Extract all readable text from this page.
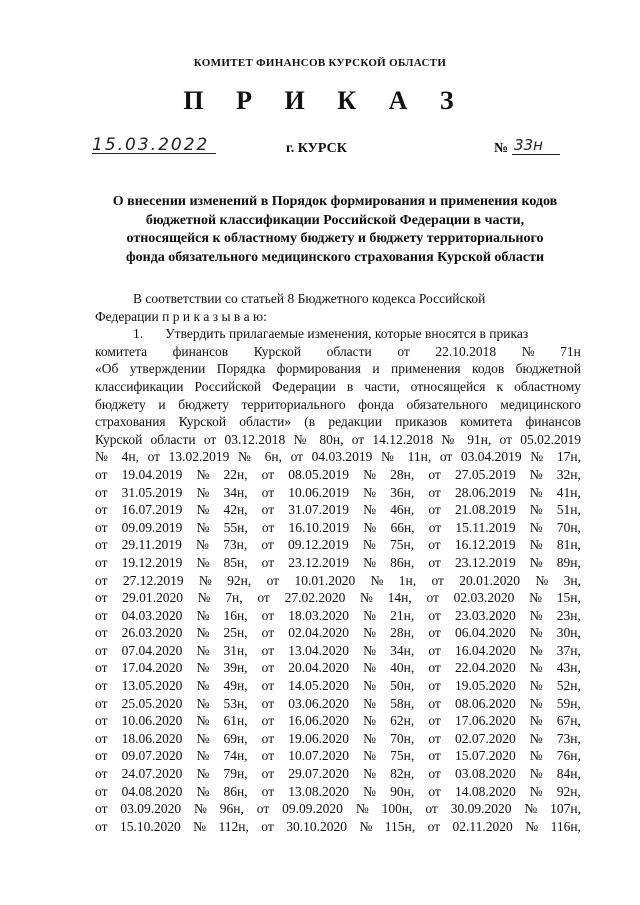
КОМИТЕТ ФИНАНСОВ КУРСКОЙ ОБЛАСТИ
П Р И К А З
15.03.2022	г. КУРСК	№ 33н
О внесении изменений в Порядок формирования и применения кодов
бюджетной классификации Российской Федерации в части,
относящейся к областному бюджету и бюджету территориального
фонда обязательного медицинского страхования Курской области
В соответствии со статьей 8 Бюджетного кодекса Российской
Федерации п р и к а з ы в а ю:
1. Утвердить прилагаемые изменения, которые вносятся в приказ
комитета финансов Курской области от 22.10.2018 № 71н
«Об утверждении Порядка формирования и применения кодов бюджетной
классификации Российской Федерации в части, относящейся к областному
бюджету и бюджету территориального фонда обязательного медицинского
страхования Курской области» (в редакции приказов комитета финансов
Курской области от 03.12.2018 № 80н, от 14.12.2018 № 91н, от 05.02.2019
№ 4н, от 13.02.2019 № 6н, от 04.03.2019 № 11н, от 03.04.2019 № 17н,
от 19.04.2019 № 22н, от 08.05.2019 № 28н, от 27.05.2019 № 32н,
от 31.05.2019 № 34н, от 10.06.2019 № 36н, от 28.06.2019 № 41н,
от 16.07.2019 № 42н, от 31.07.2019 № 46н, от 21.08.2019 № 51н,
от 09.09.2019 № 55н, от 16.10.2019 № 66н, от 15.11.2019 № 70н,
от 29.11.2019 № 73н, от 09.12.2019 № 75н, от 16.12.2019 № 81н,
от 19.12.2019 № 85н, от 23.12.2019 № 86н, от 23.12.2019 № 89н,
от 27.12.2019 № 92н, от 10.01.2020 № 1н, от 20.01.2020 № 3н,
от 29.01.2020 № 7н, от 27.02.2020 № 14н, от 02.03.2020 № 15н,
от 04.03.2020 № 16н, от 18.03.2020 № 21н, от 23.03.2020 № 23н,
от 26.03.2020 № 25н, от 02.04.2020 № 28н, от 06.04.2020 № 30н,
от 07.04.2020 № 31н, от 13.04.2020 № 34н, от 16.04.2020 № 37н,
от 17.04.2020 № 39н, от 20.04.2020 № 40н, от 22.04.2020 № 43н,
от 13.05.2020 № 49н, от 14.05.2020 № 50н, от 19.05.2020 № 52н,
от 25.05.2020 № 53н, от 03.06.2020 № 58н, от 08.06.2020 № 59н,
от 10.06.2020 № 61н, от 16.06.2020 № 62н, от 17.06.2020 № 67н,
от 18.06.2020 № 69н, от 19.06.2020 № 70н, от 02.07.2020 № 73н,
от 09.07.2020 № 74н, от 10.07.2020 № 75н, от 15.07.2020 № 76н,
от 24.07.2020 № 79н, от 29.07.2020 № 82н, от 03.08.2020 № 84н,
от 04.08.2020 № 86н, от 13.08.2020 № 90н, от 14.08.2020 № 92н,
от 03.09.2020 № 96н, от 09.09.2020 № 100н, от 30.09.2020 № 107н,
от 15.10.2020 № 112н, от 30.10.2020 № 115н, от 02.11.2020 № 116н,
